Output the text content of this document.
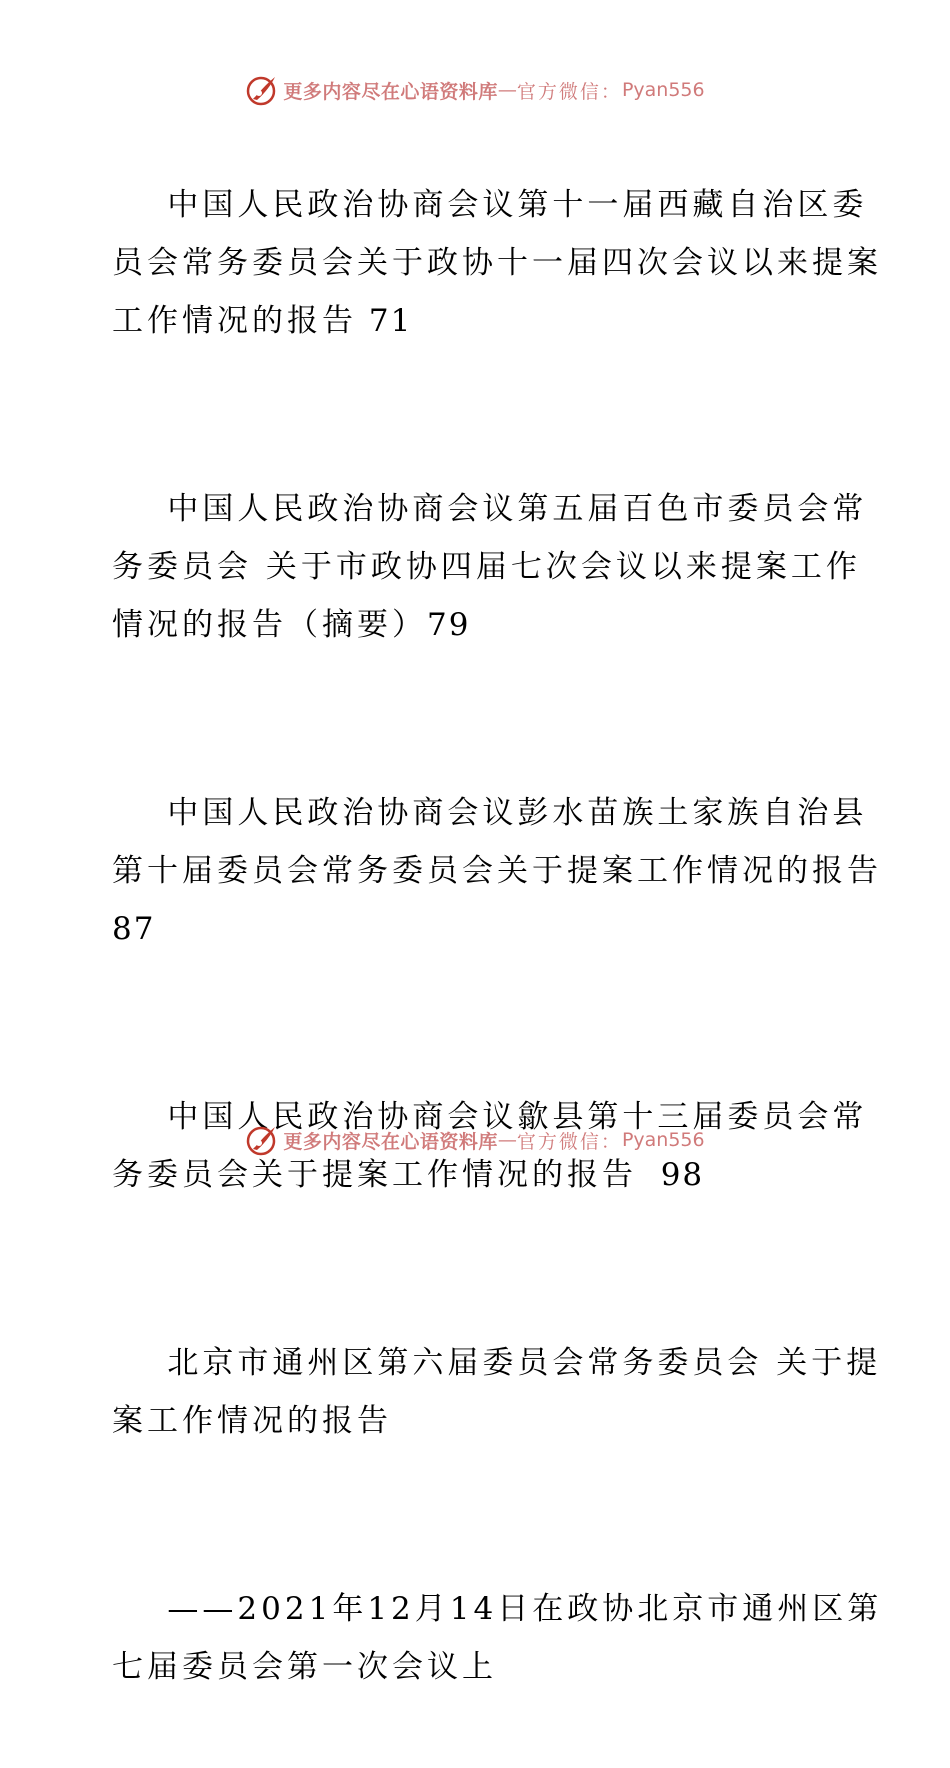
更多内容尽在心语资料库 — 官方微信： Pyan556

中国人民政治协商会议第十一届西藏自治区委员会常务委员会关于政协十一届四次会议以来提案工作情况的报告 71

中国人民政治协商会议第五届百色市委员会常务委员会 关于市政协四届七次会议以来提案工作情况的报告（摘要）79

中国人民政治协商会议彭水苗族土家族自治县第十届委员会常务委员会关于提案工作情况的报告  87

中国人民政治协商会议歙县第十三届委员会常务委员会关于提案工作情况的报告  98

北京市通州区第六届委员会常务委员会 关于提案工作情况的报告

——2021年12月14日在政协北京市通州区第七届委员会第一次会议上

更多内容尽在心语资料库 — 官方微信： Pyan556
